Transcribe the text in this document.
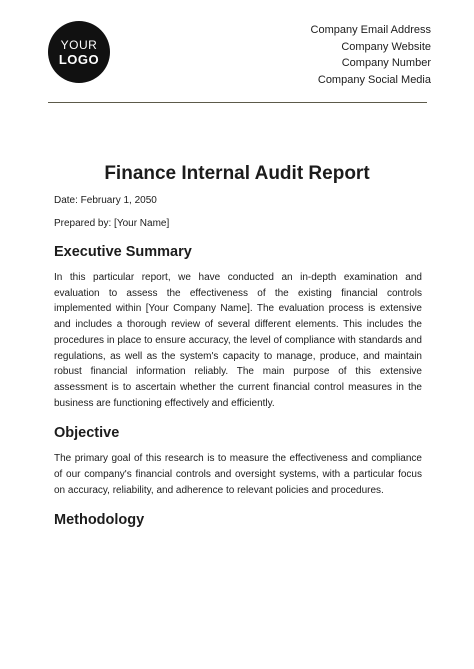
YOUR
LOGO
Company Email Address
Company Website
Company Number
Company Social Media
Finance Internal Audit Report

Date: February 1, 2050

Prepared by: [Your Name]

Executive Summary

In this particular report, we have conducted an in-depth examination and evaluation to assess the effectiveness of the existing financial controls implemented within [Your Company Name]. The evaluation process is extensive and includes a thorough review of several different elements. This includes the procedures in place to ensure accuracy, the level of compliance with standards and regulations, as well as the system's capacity to manage, produce, and maintain robust financial information reliably. The main purpose of this extensive assessment is to ascertain whether the current financial control measures in the business are functioning effectively and efficiently.

Objective

The primary goal of this research is to measure the effectiveness and compliance of our company's financial controls and oversight systems, with a particular focus on accuracy, reliability, and adherence to relevant policies and procedures.

Methodology
